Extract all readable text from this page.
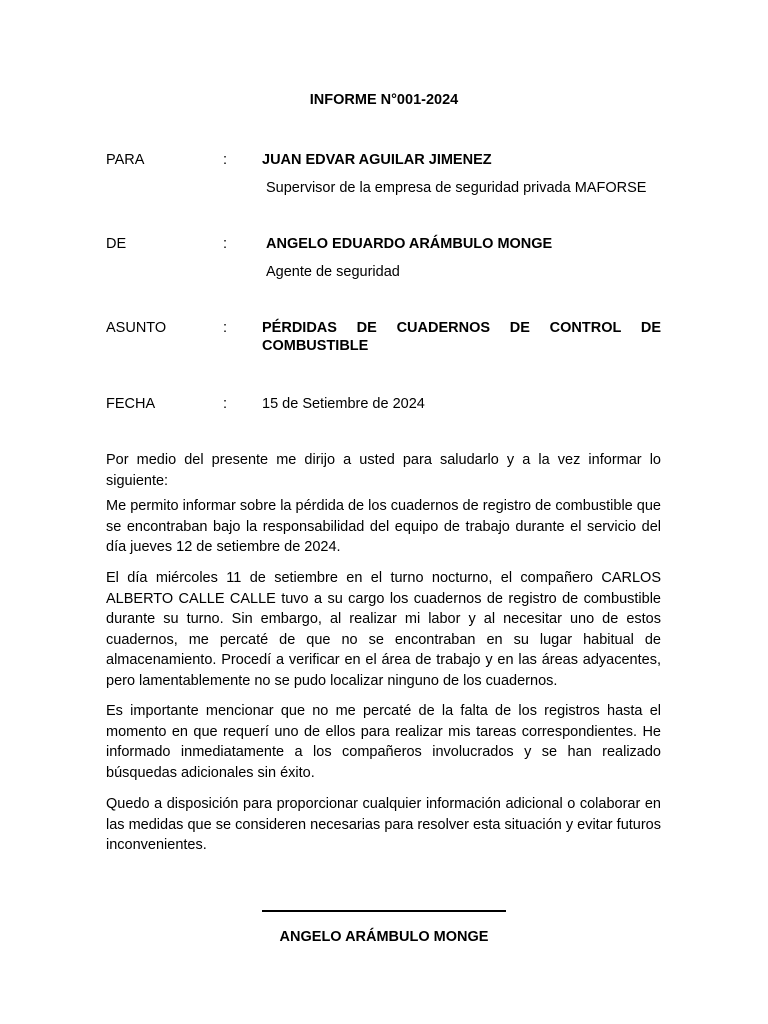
INFORME N°001-2024
PARA	: JUAN EDVAR AGUILAR JIMENEZ
Supervisor de la empresa de seguridad privada MAFORSE
DE	:	ANGELO EDUARDO ARÁMBULO MONGE
Agente de seguridad
ASUNTO	: PÉRDIDAS DE CUADERNOS DE CONTROL DE
COMBUSTIBLE
FECHA	: 15 de Setiembre de 2024
Por medio del presente me dirijo a usted para saludarlo y a la vez informar lo siguiente:
Me permito informar sobre la pérdida de los cuadernos de registro de combustible que se encontraban bajo la responsabilidad del equipo de trabajo durante el servicio del día jueves 12 de setiembre de 2024.
El día miércoles 11 de setiembre en el turno nocturno, el compañero CARLOS ALBERTO CALLE CALLE tuvo a su cargo los cuadernos de registro de combustible durante su turno. Sin embargo, al realizar mi labor y al necesitar uno de estos cuadernos, me percaté de que no se encontraban en su lugar habitual de almacenamiento. Procedí a verificar en el área de trabajo y en las áreas adyacentes, pero lamentablemente no se pudo localizar ninguno de los cuadernos.
Es importante mencionar que no me percaté de la falta de los registros hasta el momento en que requerí uno de ellos para realizar mis tareas correspondientes. He informado inmediatamente a los compañeros involucrados y se han realizado búsquedas adicionales sin éxito.
Quedo a disposición para proporcionar cualquier información adicional o colaborar en las medidas que se consideren necesarias para resolver esta situación y evitar futuros inconvenientes.
ANGELO ARÁMBULO MONGE
